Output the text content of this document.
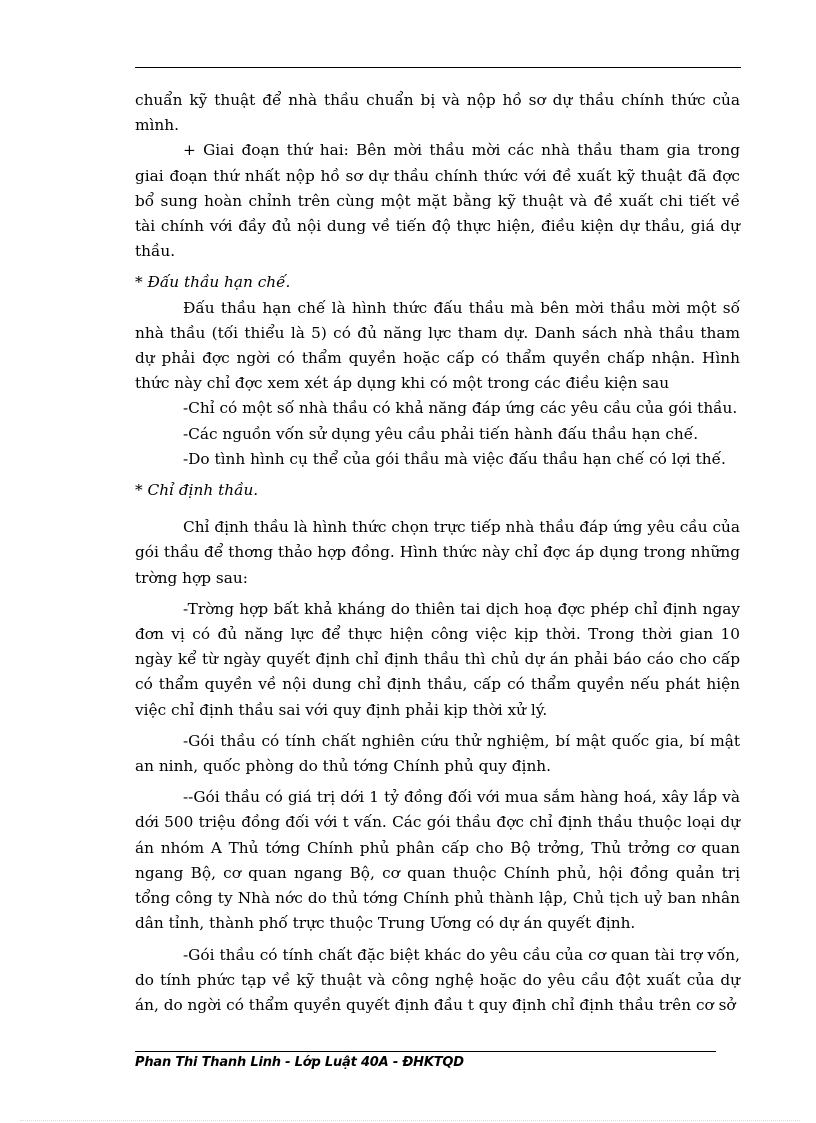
chuẩn kỹ thuật để nhà thầu chuẩn bị và nộp hồ sơ dự thầu chính thức của mình.

+ Giai đoạn thứ hai: Bên mời thầu mời các nhà thầu tham gia trong giai đoạn thứ nhất nộp hồ sơ dự thầu chính thức với đề xuất kỹ thuật đã đợc bổ sung hoàn chỉnh trên cùng một mặt bằng kỹ thuật và đề xuất chi tiết về tài chính với đầy đủ nội dung về tiến độ thực hiện, điều kiện dự thầu, giá dự thầu.

* Đấu thầu hạn chế.

Đấu thầu hạn chế là hình thức đấu thầu mà bên mời thầu mời một số nhà thầu (tối thiểu là 5) có đủ năng lực tham dự. Danh sách nhà thầu tham dự phải đợc ngời có thẩm quyền hoặc cấp có thẩm quyền chấp nhận. Hình thức này chỉ đợc xem xét áp dụng khi có một trong các điều kiện sau

-Chỉ có một số nhà thầu có khả năng đáp ứng các yêu cầu của gói thầu.

-Các nguồn vốn sử dụng yêu cầu phải tiến hành đấu thầu hạn chế.

-Do tình hình cụ thể của gói thầu mà việc đấu thầu hạn chế có lợi thế.

* Chỉ định thầu.

Chỉ định thầu là hình thức chọn trực tiếp nhà thầu đáp ứng yêu cầu của gói thầu để thơng thảo hợp đồng. Hình thức này chỉ đợc áp dụng trong những trờng hợp sau:

-Trờng hợp bất khả kháng do thiên tai dịch hoạ đợc phép chỉ định ngay đơn vị có đủ năng lực để thực hiện công việc kịp thời. Trong thời gian 10 ngày kể từ ngày quyết định chỉ định thầu thì chủ dự án phải báo cáo cho cấp có thẩm quyền về nội dung chỉ định thầu, cấp có thẩm quyền nếu phát hiện việc chỉ định thầu sai với quy định phải kịp thời xử lý.

-Gói thầu có tính chất nghiên cứu thử nghiệm, bí mật quốc gia, bí mật an ninh, quốc phòng do thủ tớng Chính phủ quy định.

--Gói thầu có giá trị dới 1 tỷ đồng đối với mua sắm hàng hoá, xây lắp và dới 500 triệu đồng đối với t vấn. Các gói thầu đợc chỉ định thầu thuộc loại dự án nhóm A Thủ tớng Chính phủ phân cấp cho Bộ trởng, Thủ trởng cơ quan ngang Bộ, cơ quan ngang Bộ, cơ quan thuộc Chính phủ, hội đồng quản trị tổng công ty Nhà nớc do thủ tớng Chính phủ thành lập, Chủ tịch uỷ ban nhân dân tỉnh, thành phố trực thuộc Trung Ương có dự án quyết định.

-Gói thầu có tính chất đặc biệt khác do yêu cầu của cơ quan tài trợ vốn, do tính phức tạp về kỹ thuật và công nghệ hoặc do yêu cầu đột xuất của dự án, do ngời có thẩm quyền quyết định đầu t quy định chỉ định thầu trên cơ sở

Phan Thi Thanh Linh - Lớp Luật 40A - ĐHKTQD
